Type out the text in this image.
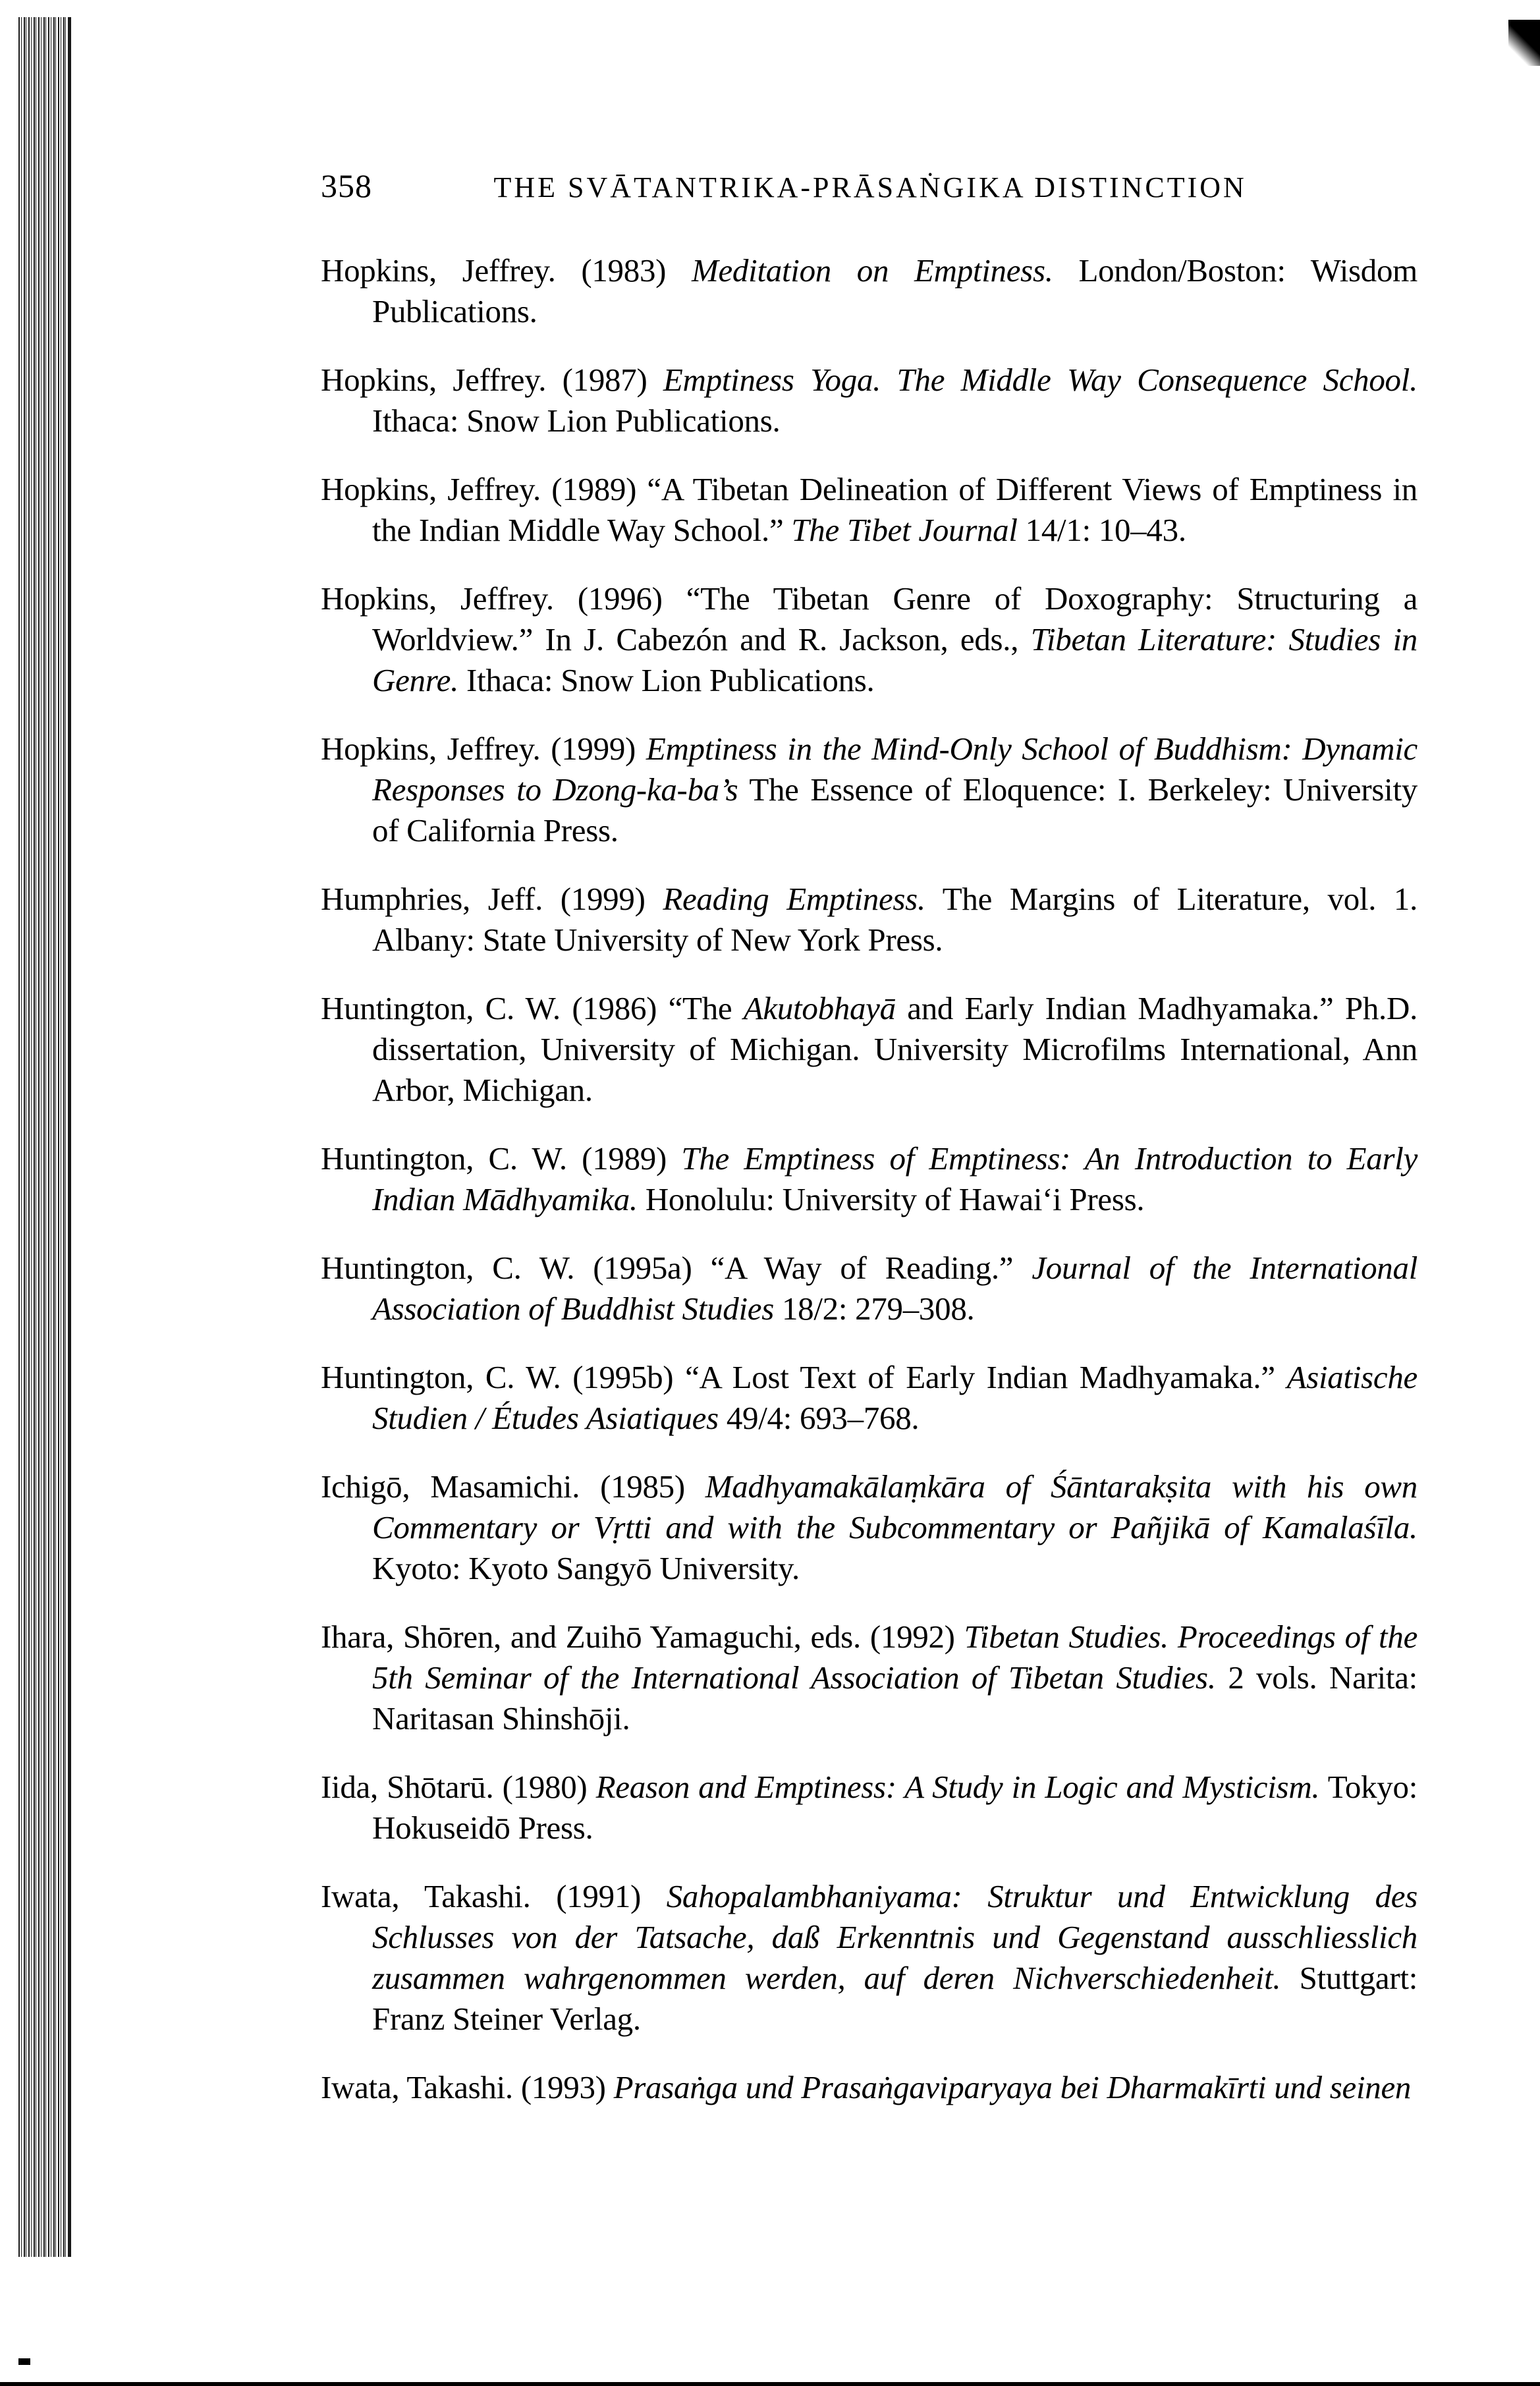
358	THE SVĀTANTRIKA-PRĀSAṄGIKA DISTINCTION

Hopkins, Jeffrey. (1983) Meditation on Emptiness. London/Boston: Wisdom Publications.

Hopkins, Jeffrey. (1987) Emptiness Yoga. The Middle Way Consequence School. Ithaca: Snow Lion Publications.

Hopkins, Jeffrey. (1989) “A Tibetan Delineation of Different Views of Emptiness in the Indian Middle Way School.” The Tibet Journal 14/1: 10–43.

Hopkins, Jeffrey. (1996) “The Tibetan Genre of Doxography: Structuring a Worldview.” In J. Cabezón and R. Jackson, eds., Tibetan Literature: Studies in Genre. Ithaca: Snow Lion Publications.

Hopkins, Jeffrey. (1999) Emptiness in the Mind-Only School of Buddhism: Dynamic Responses to Dzong-ka-ba’s The Essence of Eloquence: I. Berkeley: University of California Press.

Humphries, Jeff. (1999) Reading Emptiness. The Margins of Literature, vol. 1. Albany: State University of New York Press.

Huntington, C. W. (1986) “The Akutobhayā and Early Indian Madhyamaka.” Ph.D. dissertation, University of Michigan. University Microfilms International, Ann Arbor, Michigan.

Huntington, C. W. (1989) The Emptiness of Emptiness: An Introduction to Early Indian Mādhyamika. Honolulu: University of Hawai‘i Press.

Huntington, C. W. (1995a) “A Way of Reading.” Journal of the International Association of Buddhist Studies 18/2: 279–308.

Huntington, C. W. (1995b) “A Lost Text of Early Indian Madhyamaka.” Asiatische Studien / Études Asiatiques 49/4: 693–768.

Ichigō, Masamichi. (1985) Madhyamakālaṃkāra of Śāntarakṣita with his own Commentary or Vṛtti and with the Subcommentary or Pañjikā of Kamalaśīla. Kyoto: Kyoto Sangyō University.

Ihara, Shōren, and Zuihō Yamaguchi, eds. (1992) Tibetan Studies. Proceedings of the 5th Seminar of the International Association of Tibetan Studies. 2 vols. Narita: Naritasan Shinshōji.

Iida, Shōtarū. (1980) Reason and Emptiness: A Study in Logic and Mysticism. Tokyo: Hokuseidō Press.

Iwata, Takashi. (1991) Sahopalambhaniyama: Struktur und Entwicklung des Schlusses von der Tatsache, daß Erkenntnis und Gegenstand ausschliesslich zusammen wahrgenommen werden, auf deren Nichverschiedenheit. Stuttgart: Franz Steiner Verlag.

Iwata, Takashi. (1993) Prasaṅga und Prasaṅgaviparyaya bei Dharmakīrti und seinen
